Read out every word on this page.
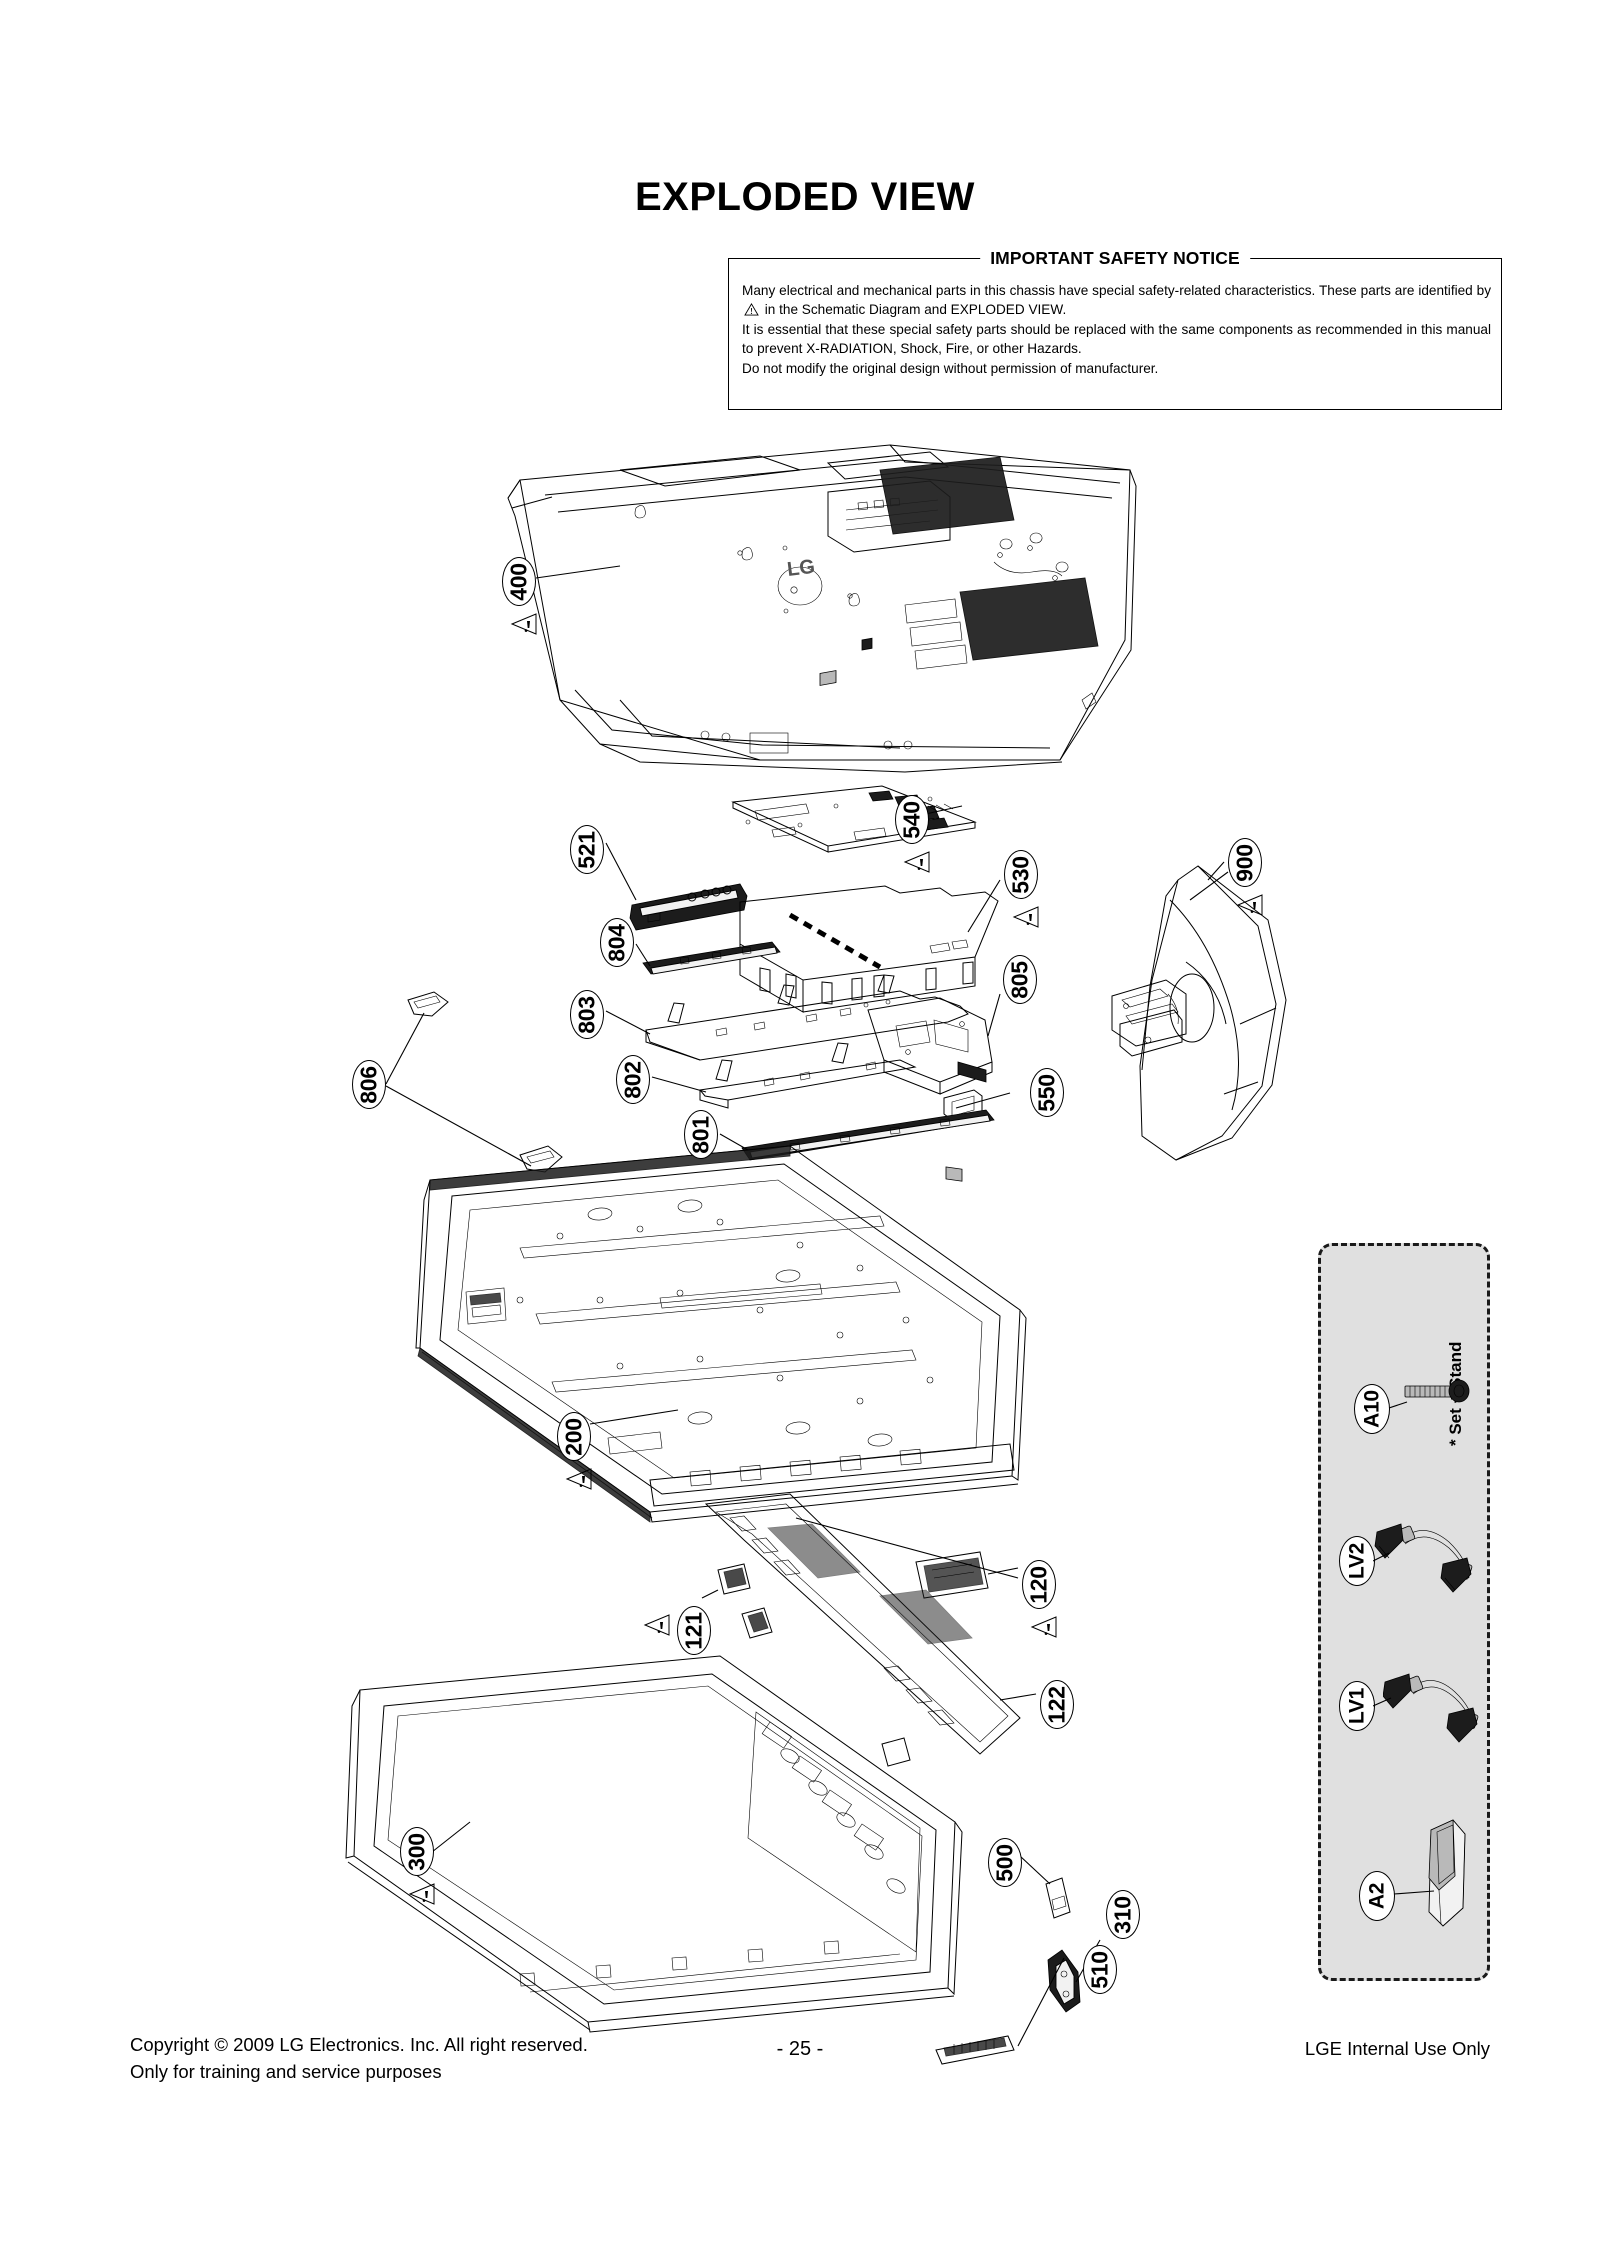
EXPLODED VIEW
IMPORTANT SAFETY NOTICE

Many electrical and mechanical parts in this chassis have special safety-related characteristics. These parts are identified by
in the Schematic Diagram and EXPLODED VIEW.

It is essential that these special safety parts should be replaced with the same components as recommended in this manual to prevent X-RADIATION, Shock, Fire, or other Hazards.

Do not modify the original design without permission of manufacturer.

LG
400
521
540
530	900
804
803
805
802	550
806
801
200
120
121
122
300	500
310
510
* Set Stand
A10
LV2
LV1
A2
Copyright © 2009 LG Electronics. Inc. All right reserved.
Only for training and service purposes
- 25 -	LGE Internal Use Only
